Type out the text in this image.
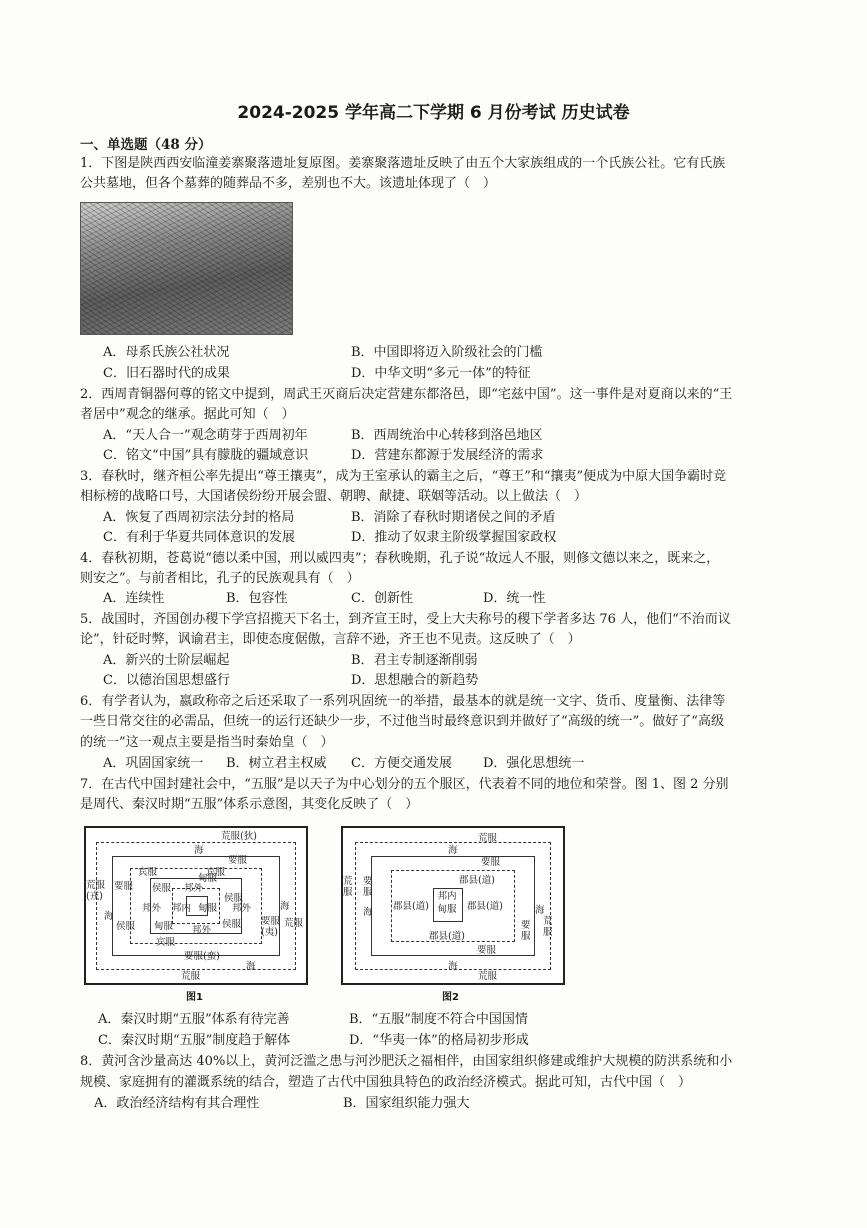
2024-2025 学年高二下学期 6 月份考试 历史试卷
一、单选题（48 分）
1．下图是陕西西安临潼姜寨聚落遗址复原图。姜寨聚落遗址反映了由五个大家族组成的一个氏族公社。它有氏族
公共墓地，但各个墓葬的随葬品不多，差别也不大。该遗址体现了（　）
A．母系氏族公社状况	B．中国即将迈入阶级社会的门槛
C．旧石器时代的成果	D．中华文明“多元一体”的特征
2．西周青铜器何尊的铭文中提到，周武王灭商后决定营建东都洛邑，即“宅兹中国”。这一事件是对夏商以来的“王
者居中”观念的继承。据此可知（　）
A．“天人合一”观念萌芽于西周初年	B．西周统治中心转移到洛邑地区
C．铭文“中国”具有朦胧的疆域意识	D．营建东都源于发展经济的需求
3．春秋时，继齐桓公率先提出“尊王攘夷”，成为王室承认的霸主之后，“尊王”和“攘夷”便成为中原大国争霸时竞
相标榜的战略口号，大国诸侯纷纷开展会盟、朝聘、献捷、联姻等活动。以上做法（　）
A．恢复了西周初宗法分封的格局	B．消除了春秋时期诸侯之间的矛盾
C．有利于华夏共同体意识的发展	D．推动了奴隶主阶级掌握国家政权
4．春秋初期，苍葛说“德以柔中国，刑以威四夷”；春秋晚期，孔子说“故远人不服，则修文德以来之，既来之，
则安之”。与前者相比，孔子的民族观具有（　）
A．连续性	B．包容性	C．创新性	D．统一性
5．战国时，齐国创办稷下学宫招揽天下名士，到齐宣王时，受上大夫称号的稷下学者多达 76 人，他们“不治而议
论”，针砭时弊，讽谕君主，即使态度倨傲，言辞不逊，齐王也不见责。这反映了（　）
A．新兴的士阶层崛起	B．君主专制逐渐削弱
C．以德治国思想盛行	D．思想融合的新趋势
6．有学者认为，嬴政称帝之后还采取了一系列巩固统一的举措，最基本的就是统一文字、货币、度量衡、法律等
一些日常交往的必需品，但统一的运行还缺少一步，不过他当时最终意识到并做好了“高级的统一”。做好了“高级
的统一”这一观点主要是指当时秦始皇（　）
A．巩固国家统一 B．树立君主权威 C．方便交通发展 D．强化思想统一
7．在古代中国封建社会中，“五服”是以天子为中心划分的五个服区，代表着不同的地位和荣誉。图 1、图 2 分别
是周代、秦汉时期“五服”体系示意图，其变化反映了（　）
荒服(狄)
海
要服
宾服
侯服
甸服
邦外
邦内 甸服
邦外
侯服
宾服
甸服 邦外
侯服
宾服
要服(蛮)
海
荒服
荒服(戎)
要服
海
海
要服(夷)
荒服
侯服
邦外
图1
荒服
海
要服
郡县(道)
郡县(道)	郡县(道)
郡县(道)
邦内甸服
要服
海
荒服
荒服
要服
海	海
要服
荒服
图2
A．秦汉时期“五服”体系有待完善	B．“五服”制度不符合中国国情
C．秦汉时期“五服”制度趋于解体	D．“华夷一体”的格局初步形成
8．黄河含沙量高达 40%以上，黄河泛滥之患与河沙肥沃之福相伴，由国家组织修建或维护大规模的防洪系统和小
规模、家庭拥有的灌溉系统的结合，塑造了古代中国独具特色的政治经济模式。据此可知，古代中国（　）
A．政治经济结构有其合理性	B．国家组织能力强大
